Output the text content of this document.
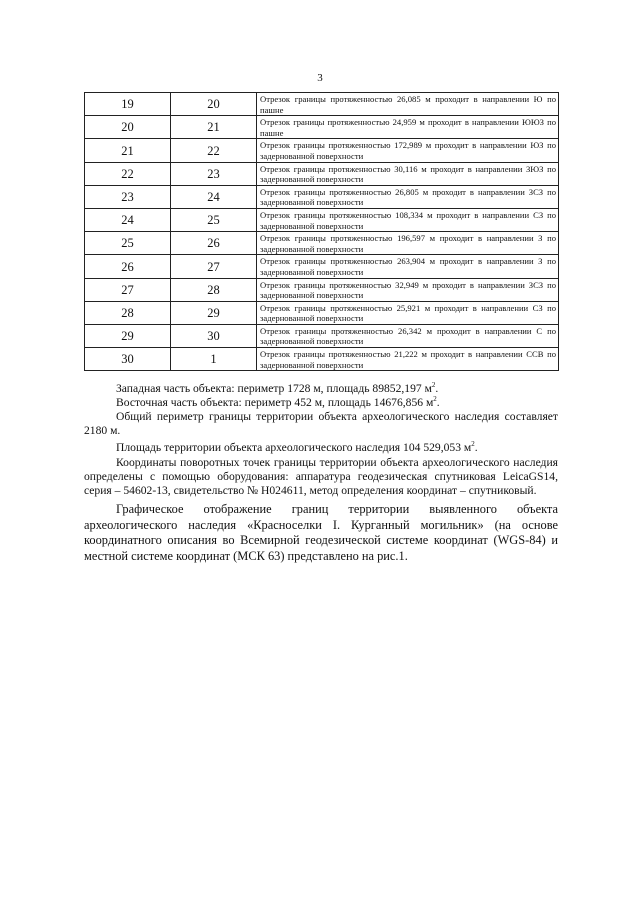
3
19	20	Отрезок границы протяженностью 26,085 м проходит в направлении Ю по пашне
20	21	Отрезок границы протяженностью 24,959 м проходит в направлении ЮЮЗ по пашне
21	22	Отрезок границы протяженностью 172,989 м проходит в направлении ЮЗ по задернованной поверхности
22	23	Отрезок границы протяженностью 30,116 м проходит в направлении ЗЮЗ по задернованной поверхности
23	24	Отрезок границы протяженностью 26,805 м проходит в направлении ЗСЗ по задернованной поверхности
24	25	Отрезок границы протяженностью 108,334 м проходит в направлении СЗ по задернованной поверхности
25	26	Отрезок границы протяженностью 196,597 м проходит в направлении З по задернованной поверхности
26	27	Отрезок границы протяженностью 263,904 м проходит в направлении З по задернованной поверхности
27	28	Отрезок границы протяженностью 32,949 м проходит в направлении ЗСЗ по задернованной поверхности
28	29	Отрезок границы протяженностью 25,921 м проходит в направлении СЗ по задернованной поверхности
29	30	Отрезок границы протяженностью 26,342 м проходит в направлении С по задернованной поверхности
30	1	Отрезок границы протяженностью 21,222 м проходит в направлении ССВ по задернованной поверхности
Западная часть объекта: периметр 1728 м, площадь 89852,197 $м^2$.
Восточная часть объекта: периметр 452 м, площадь 14676,856 $м^2$.
Общий периметр границы территории объекта археологического наследия составляет 2180 м.
Площадь территории объекта археологического наследия 104 529,053 $м^2$.
Координаты поворотных точек границы территории объекта археологического наследия определены с помощью оборудования: аппаратура геодезическая спутниковая LeicaGS14, серия – 54602-13, свидетельство № Н024611, метод определения координат – спутниковый.
Графическое отображение границ территории выявленного объекта археологического наследия «Красноселки I. Курганный могильник» (на основе координатного описания во Всемирной геодезической системе координат (WGS-84) и местной системе координат (МСК 63) представлено на рис.1.
